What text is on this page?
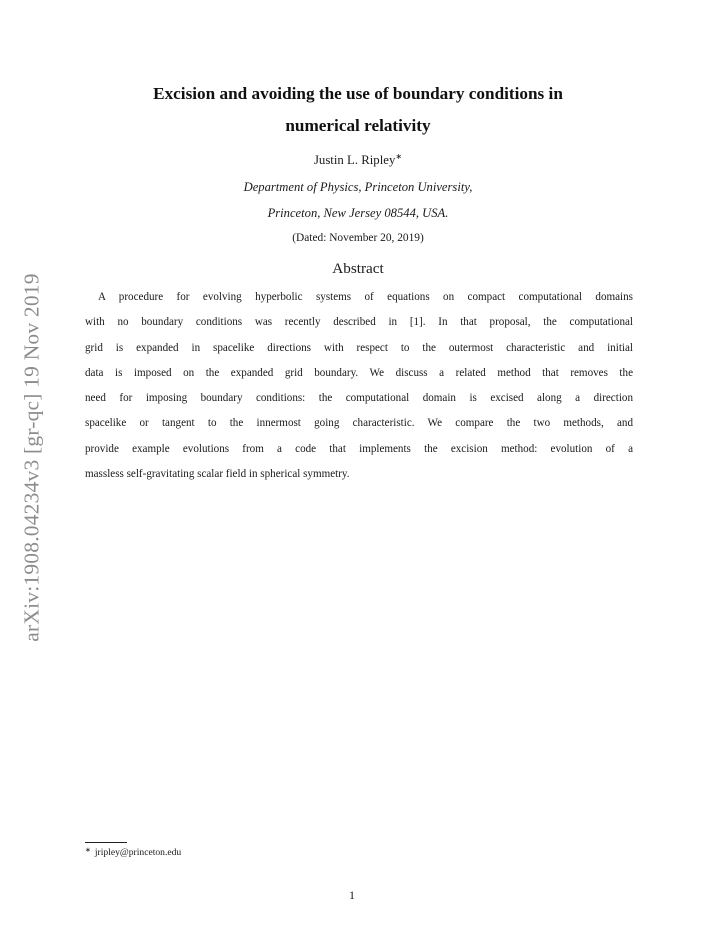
arXiv:1908.04234v3 [gr-qc] 19 Nov 2019
Excision and avoiding the use of boundary conditions in
numerical relativity
Justin L. Ripley∗
Department of Physics, Princeton University,
Princeton, New Jersey 08544, USA.
(Dated: November 20, 2019)
Abstract
A procedure for evolving hyperbolic systems of equations on compact computational domains
with no boundary conditions was recently described in [1]. In that proposal, the computational
grid is expanded in spacelike directions with respect to the outermost characteristic and initial
data is imposed on the expanded grid boundary. We discuss a related method that removes the
need for imposing boundary conditions: the computational domain is excised along a direction
spacelike or tangent to the innermost going characteristic. We compare the two methods, and
provide example evolutions from a code that implements the excision method: evolution of a
massless self-gravitating scalar field in spherical symmetry.
∗ jripley@princeton.edu
1
